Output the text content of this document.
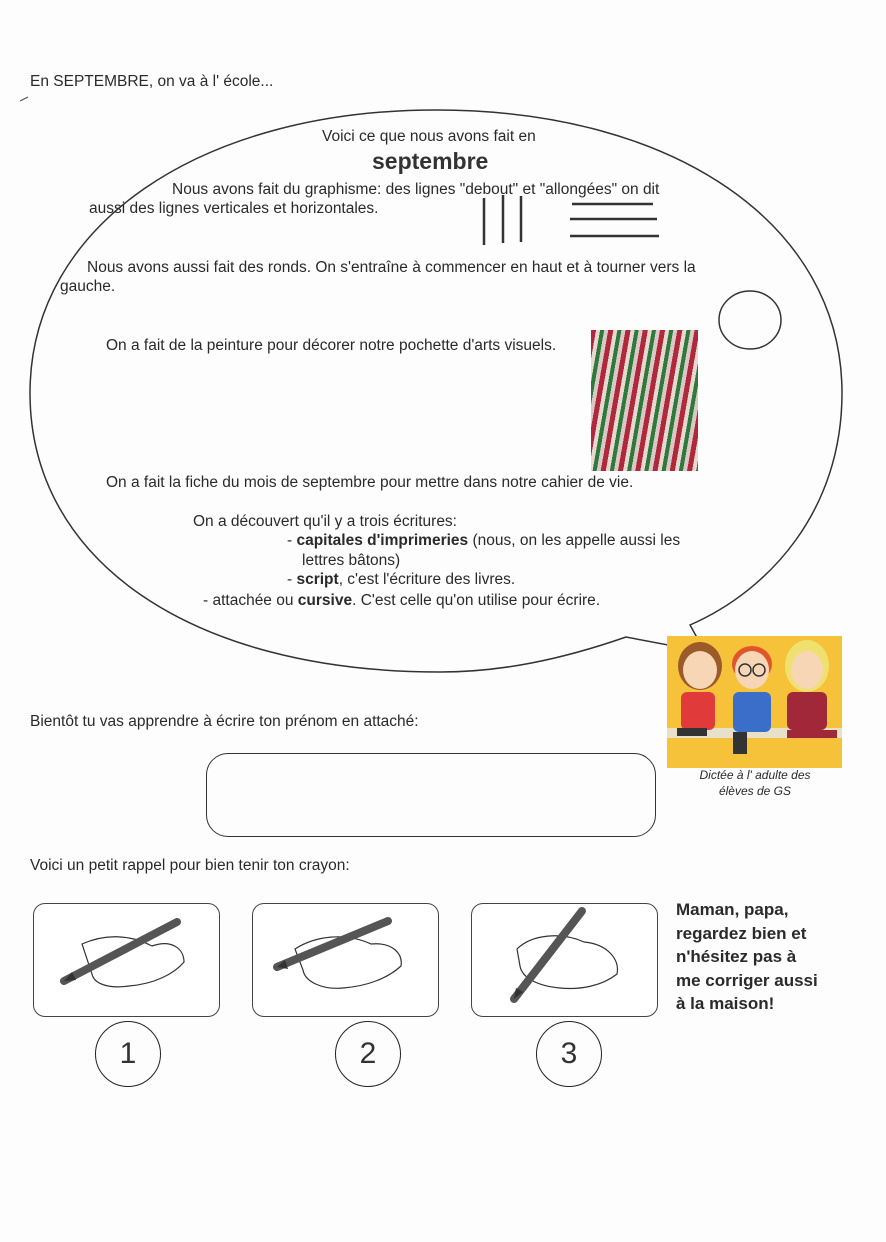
En SEPTEMBRE, on va à l' école...
Voici ce que nous avons fait en
septembre
Nous avons fait du graphisme: des lignes "debout" et "allongées" on dit
aussi des lignes verticales et horizontales.
Nous avons aussi fait des ronds. On s'entraîne à commencer en haut et à tourner vers la
gauche.
On a fait de la peinture pour décorer notre pochette d'arts visuels.
On a fait la fiche du mois de septembre pour mettre dans notre cahier de vie.
On a découvert qu'il y a trois écritures:
- capitales d'imprimeries (nous, on les appelle aussi les
lettres bâtons)
- script, c'est l'écriture des livres.
- attachée ou cursive. C'est celle qu'on utilise pour écrire.
Dictée à l' adulte des
élèves de GS
Bientôt tu vas apprendre à écrire ton prénom en attaché:
Voici un petit rappel pour bien tenir ton crayon:
1	2	3
Maman, papa,
regardez bien et
n'hésitez pas à
me corriger aussi
à la maison!
